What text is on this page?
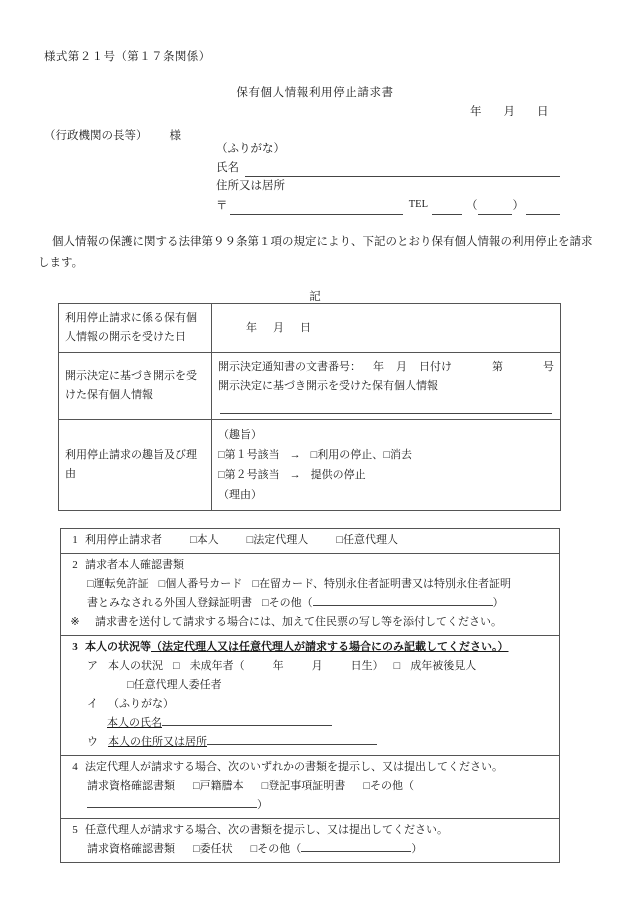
様式第２１号（第１７条関係）
保有個人情報利用停止請求書
年 月 日
（行政機関の長等） 様
（ふりがな）
氏名
住所又は居所
〒	TEL	（	）
個人情報の保護に関する法律第９９条第１項の規定により、下記のとおり保有個人情報の利用停止を請求します。
記
利用停止請求に係る保有個人情報の開示を受けた日	年 月 日
開示決定に基づき開示を受けた保有個人情報	開示決定通知書の文書番号： 年 月 日付け 第 号
開示決定に基づき開示を受けた保有個人情報

利用停止請求の趣旨及び理由	（趣旨）
□第１号該当 → □利用の停止、□消去
□第２号該当 → 提供の停止
（理由）
1 利用停止請求者	□本人	□法定代理人	□任意代理人

2 請求者本人確認書類
□運転免許証 □個人番号カード □在留カード、特別永住者証明書又は特別永住者証明
書とみなされる外国人登録証明書 □その他（	）
※ 請求書を送付して請求する場合には、加えて住民票の写し等を添付してください。

3 本人の状況等（法定代理人又は任意代理人が請求する場合にのみ記載してください。）
ア 本人の状況 □ 未成年者（	年	月	日生） □ 成年被後見人
□任意代理人委任者
イ （ふりがな）
本人の氏名
ウ 本人の住所又は居所

4 法定代理人が請求する場合、次のいずれかの書類を提示し、又は提出してください。
請求資格確認書類 □戸籍謄本 □登記事項証明書 □その他（）

5 任意代理人が請求する場合、次の書類を提示し、又は提出してください。
請求資格確認書類 □委任状 □その他（	）
